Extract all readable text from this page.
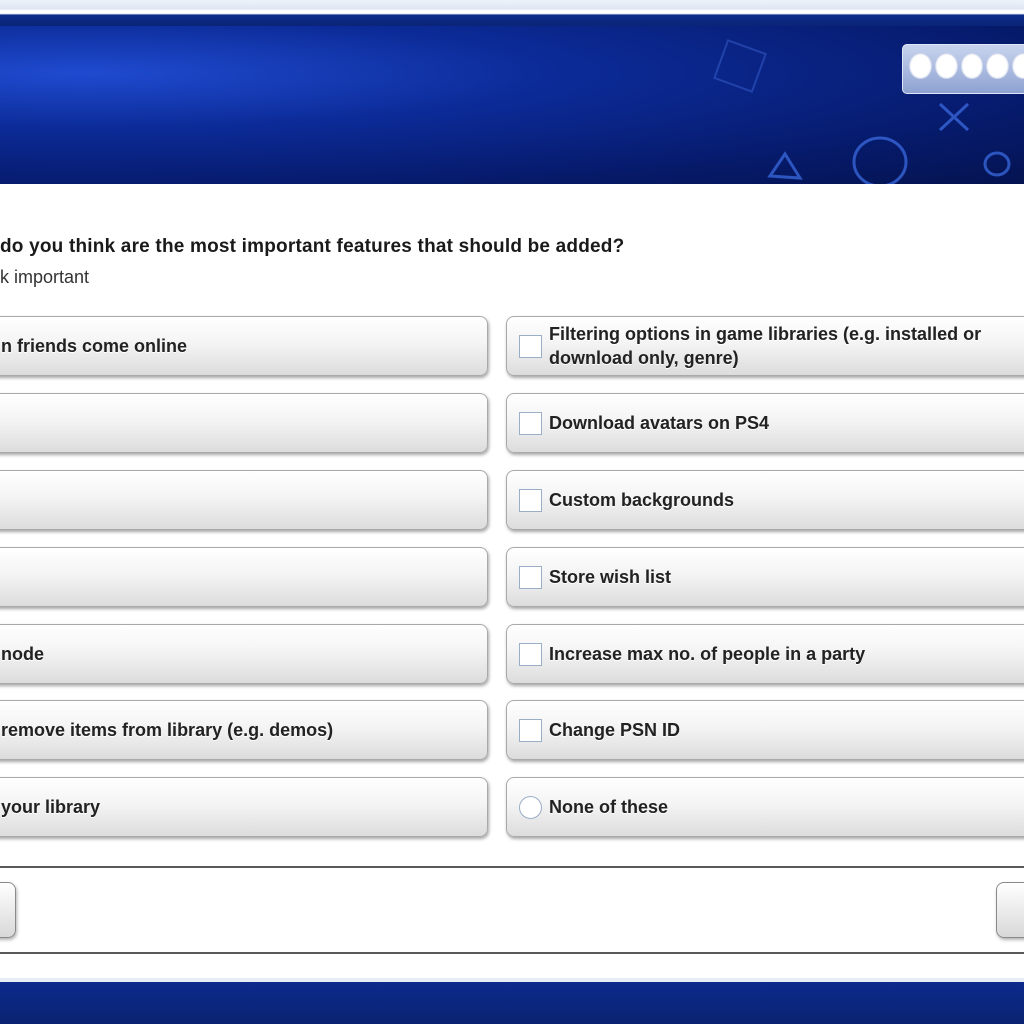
do you think are the most important features that should be added?
k important
n friends come online
node
remove items from library (e.g. demos)
your library
Filtering options in game libraries (e.g. installed or
download only, genre)
Download avatars on PS4
Custom backgrounds
Store wish list
Increase max no. of people in a party
Change PSN ID
None of these
